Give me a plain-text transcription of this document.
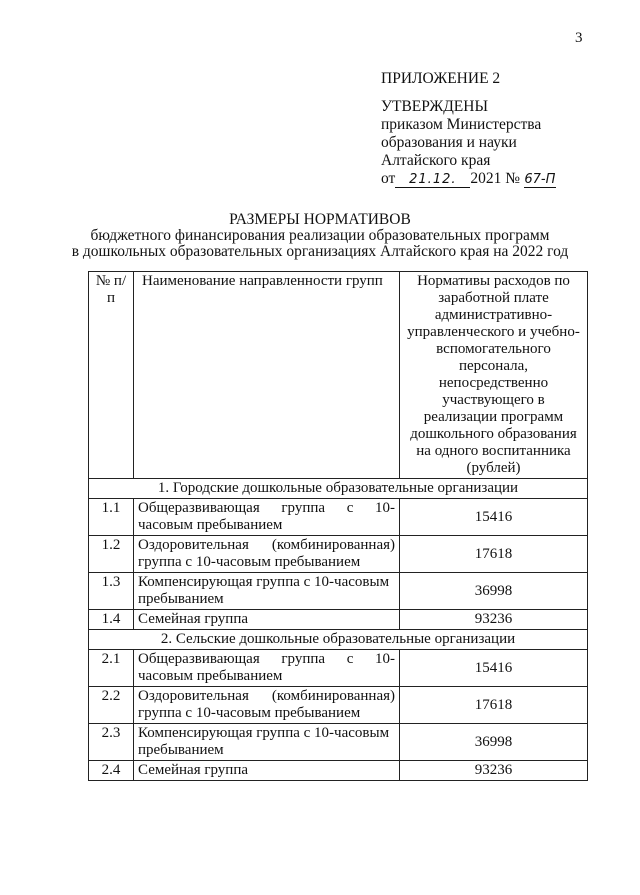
3
ПРИЛОЖЕНИЕ 2
УТВЕРЖДЕНЫ
приказом Министерства
образования и науки
Алтайского края
от 21.12. 2021 № 67-П
РАЗМЕРЫ НОРМАТИВОВ
бюджетного финансирования реализации образовательных программ
в дошкольных образовательных организациях Алтайского края на 2022 год
№ п/п	Наименование направленности групп	Нормативы расходов по заработной плате административно-управленческого и учебно-вспомогательного персонала, непосредственно участвующего в реализации программ дошкольного образования на одного воспитанника (рублей)
1. Городские дошкольные образовательные организации		
1.1	Общеразвивающая группа с 10-часовым пребыванием	15416
1.2	Оздоровительная (комбинированная) группа с 10-часовым пребыванием	17618
1.3	Компенсирующая группа с 10-часовым пребыванием	36998
1.4	Семейная группа	93236
2. Сельские дошкольные образовательные организации		
2.1	Общеразвивающая группа с 10-часовым пребыванием	15416
2.2	Оздоровительная (комбинированная) группа с 10-часовым пребыванием	17618
2.3	Компенсирующая группа с 10-часовым пребыванием	36998
2.4	Семейная группа	93236
